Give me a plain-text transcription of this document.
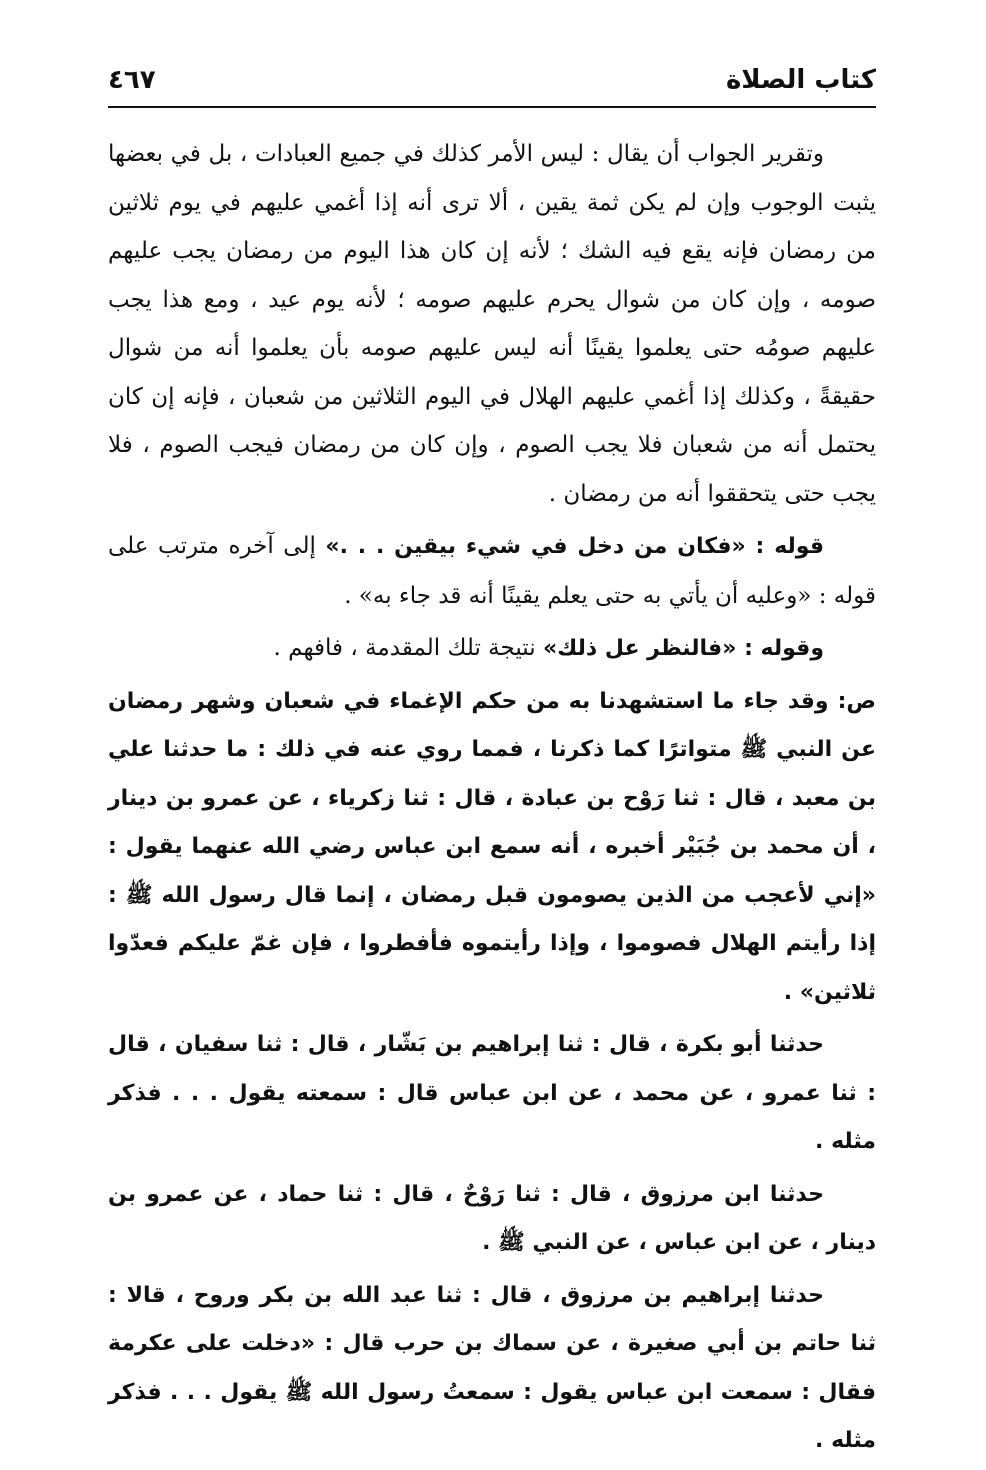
كتاب الصلاة
٤٦٧

وتقرير الجواب أن يقال : ليس الأمر كذلك في جميع العبادات ، بل في بعضها يثبت الوجوب وإن لم يكن ثمة يقين ، ألا ترى أنه إذا أغمي عليهم في يوم ثلاثين من رمضان فإنه يقع فيه الشك ؛ لأنه إن كان هذا اليوم من رمضان يجب عليهم صومه ، وإن كان من شوال يحرم عليهم صومه ؛ لأنه يوم عيد ، ومع هذا يجب عليهم صومُه حتى يعلموا يقينًا أنه ليس عليهم صومه بأن يعلموا أنه من شوال حقيقةً ، وكذلك إذا أغمي عليهم الهلال في اليوم الثلاثين من شعبان ، فإنه إن كان يحتمل أنه من شعبان فلا يجب الصوم ، وإن كان من رمضان فيجب الصوم ، فلا يجب حتى يتحققوا أنه من رمضان .

قوله : «فكان من دخل في شيء بيقين . . .» إلى آخره مترتب على قوله : «وعليه أن يأتي به حتى يعلم يقينًا أنه قد جاء به» .

وقوله : «فالنظر عل ذلك» نتيجة تلك المقدمة ، فافهم .

ص: وقد جاء ما استشهدنا به من حكم الإغماء في شعبان وشهر رمضان عن النبي ﷺ متواترًا كما ذكرنا ، فمما روي عنه في ذلك : ما حدثنا علي بن معبد ، قال : ثنا رَوْح بن عبادة ، قال : ثنا زكرياء ، عن عمرو بن دينار ، أن محمد بن جُبَيْر أخبره ، أنه سمع ابن عباس رضي الله عنهما يقول : «إني لأعجب من الذين يصومون قبل رمضان ، إنما قال رسول الله ﷺ : إذا رأيتم الهلال فصوموا ، وإذا رأيتموه فأفطروا ، فإن غمّ عليكم فعدّوا ثلاثين» .

حدثنا أبو بكرة ، قال : ثنا إبراهيم بن بَشّار ، قال : ثنا سفيان ، قال : ثنا عمرو ، عن محمد ، عن ابن عباس قال : سمعته يقول . . . فذكر مثله .

حدثنا ابن مرزوق ، قال : ثنا رَوْحٌ ، قال : ثنا حماد ، عن عمرو بن دينار ، عن ابن عباس ، عن النبي ﷺ .

حدثنا إبراهيم بن مرزوق ، قال : ثنا عبد الله بن بكر وروح ، قالا : ثنا حاتم بن أبي صغيرة ، عن سماك بن حرب قال : «دخلت على عكرمة فقال : سمعت ابن عباس يقول : سمعتُ رسول الله ﷺ يقول . . . فذكر مثله .
